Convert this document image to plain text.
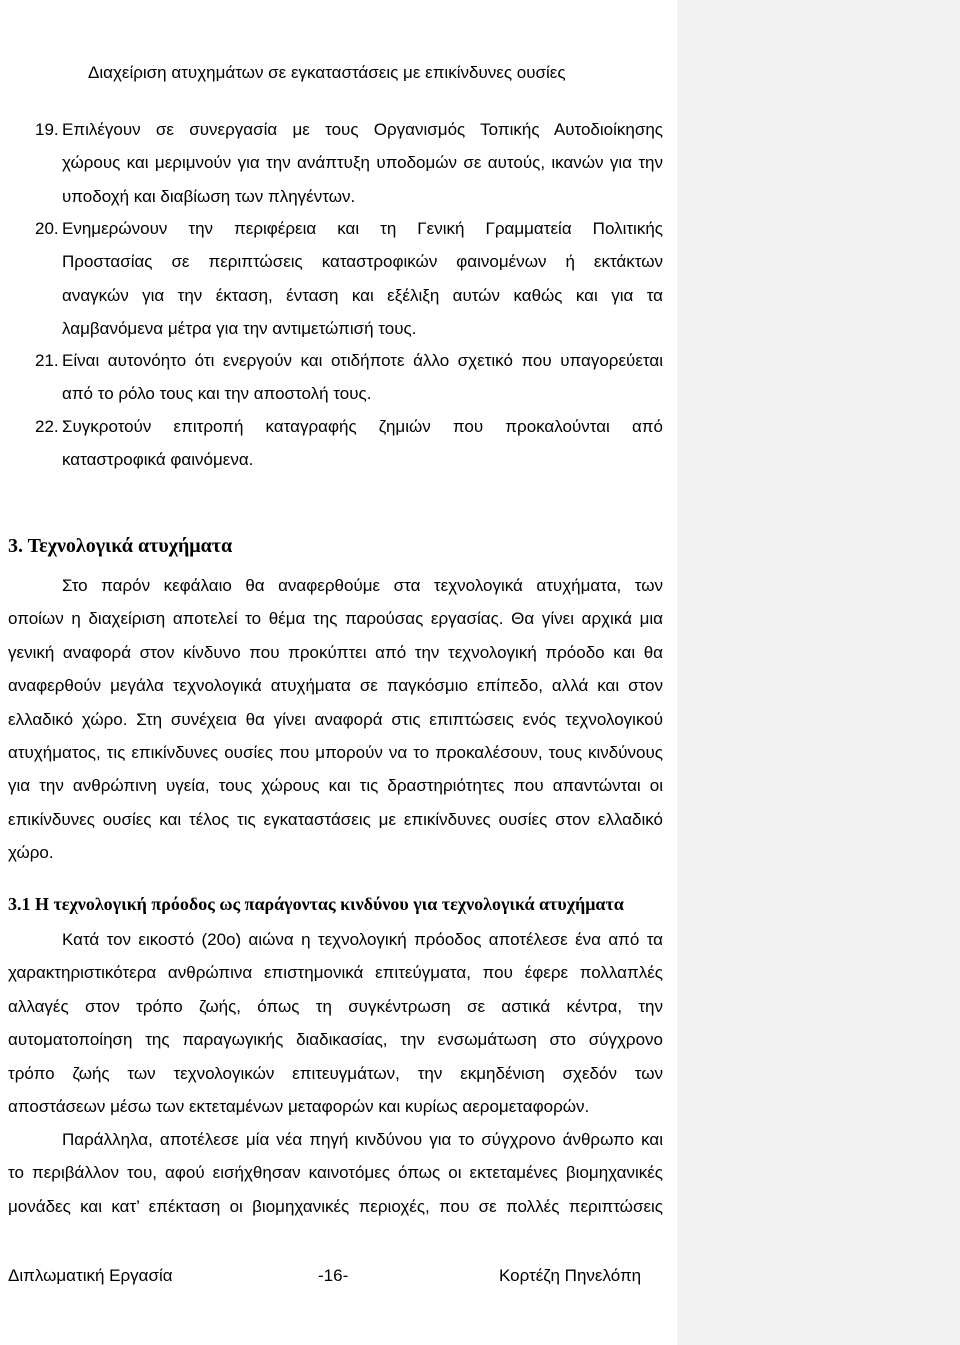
Διαχείριση ατυχημάτων σε εγκαταστάσεις με επικίνδυνες ουσίες
19. Επιλέγουν σε συνεργασία με τους Οργανισμός Τοπικής Αυτοδιοίκησης
χώρους και μεριμνούν για την ανάπτυξη υποδομών σε αυτούς, ικανών για την
υποδοχή και διαβίωση των πληγέντων.
20. Ενημερώνουν την περιφέρεια και τη Γενική Γραμματεία Πολιτικής
Προστασίας σε περιπτώσεις καταστροφικών φαινομένων ή εκτάκτων
αναγκών για την έκταση, ένταση και εξέλιξη αυτών καθώς και για τα
λαμβανόμενα μέτρα για την αντιμετώπισή τους.
21. Είναι αυτονόητο ότι ενεργούν και οτιδήποτε άλλο σχετικό που υπαγορεύεται
από το ρόλο τους και την αποστολή τους.
22. Συγκροτούν επιτροπή καταγραφής ζημιών που προκαλούνται από
καταστροφικά φαινόμενα.
3. Τεχνολογικά ατυχήματα
Στο παρόν κεφάλαιο θα αναφερθούμε στα τεχνολογικά ατυχήματα, των
οποίων η διαχείριση αποτελεί το θέμα της παρούσας εργασίας. Θα γίνει αρχικά μια
γενική αναφορά στον κίνδυνο που προκύπτει από την τεχνολογική πρόοδο και θα
αναφερθούν μεγάλα τεχνολογικά ατυχήματα σε παγκόσμιο επίπεδο, αλλά και στον
ελλαδικό χώρο. Στη συνέχεια θα γίνει αναφορά στις επιπτώσεις ενός τεχνολογικού
ατυχήματος, τις επικίνδυνες ουσίες που μπορούν να το προκαλέσουν, τους κινδύνους
για την ανθρώπινη υγεία, τους χώρους και τις δραστηριότητες που απαντώνται οι
επικίνδυνες ουσίες και τέλος τις εγκαταστάσεις με επικίνδυνες ουσίες στον ελλαδικό
χώρο.
3.1 Η τεχνολογική πρόοδος ως παράγοντας κινδύνου για τεχνολογικά ατυχήματα
Κατά τον εικοστό (20ο) αιώνα η τεχνολογική πρόοδος αποτέλεσε ένα από τα
χαρακτηριστικότερα ανθρώπινα επιστημονικά επιτεύγματα, που έφερε πολλαπλές
αλλαγές στον τρόπο ζωής, όπως τη συγκέντρωση σε αστικά κέντρα, την
αυτοματοποίηση της παραγωγικής διαδικασίας, την ενσωμάτωση στο σύγχρονο
τρόπο ζωής των τεχνολογικών επιτευγμάτων, την εκμηδένιση σχεδόν των
αποστάσεων μέσω των εκτεταμένων μεταφορών και κυρίως αερομεταφορών.
Παράλληλα, αποτέλεσε μία νέα πηγή κινδύνου για το σύγχρονο άνθρωπο και
το περιβάλλον του, αφού εισήχθησαν καινοτόμες όπως οι εκτεταμένες βιομηχανικές
μονάδες και κατ’ επέκταση οι βιομηχανικές περιοχές, που σε πολλές περιπτώσεις
Διπλωματική Εργασία	-16-	Κορτέζη Πηνελόπη
